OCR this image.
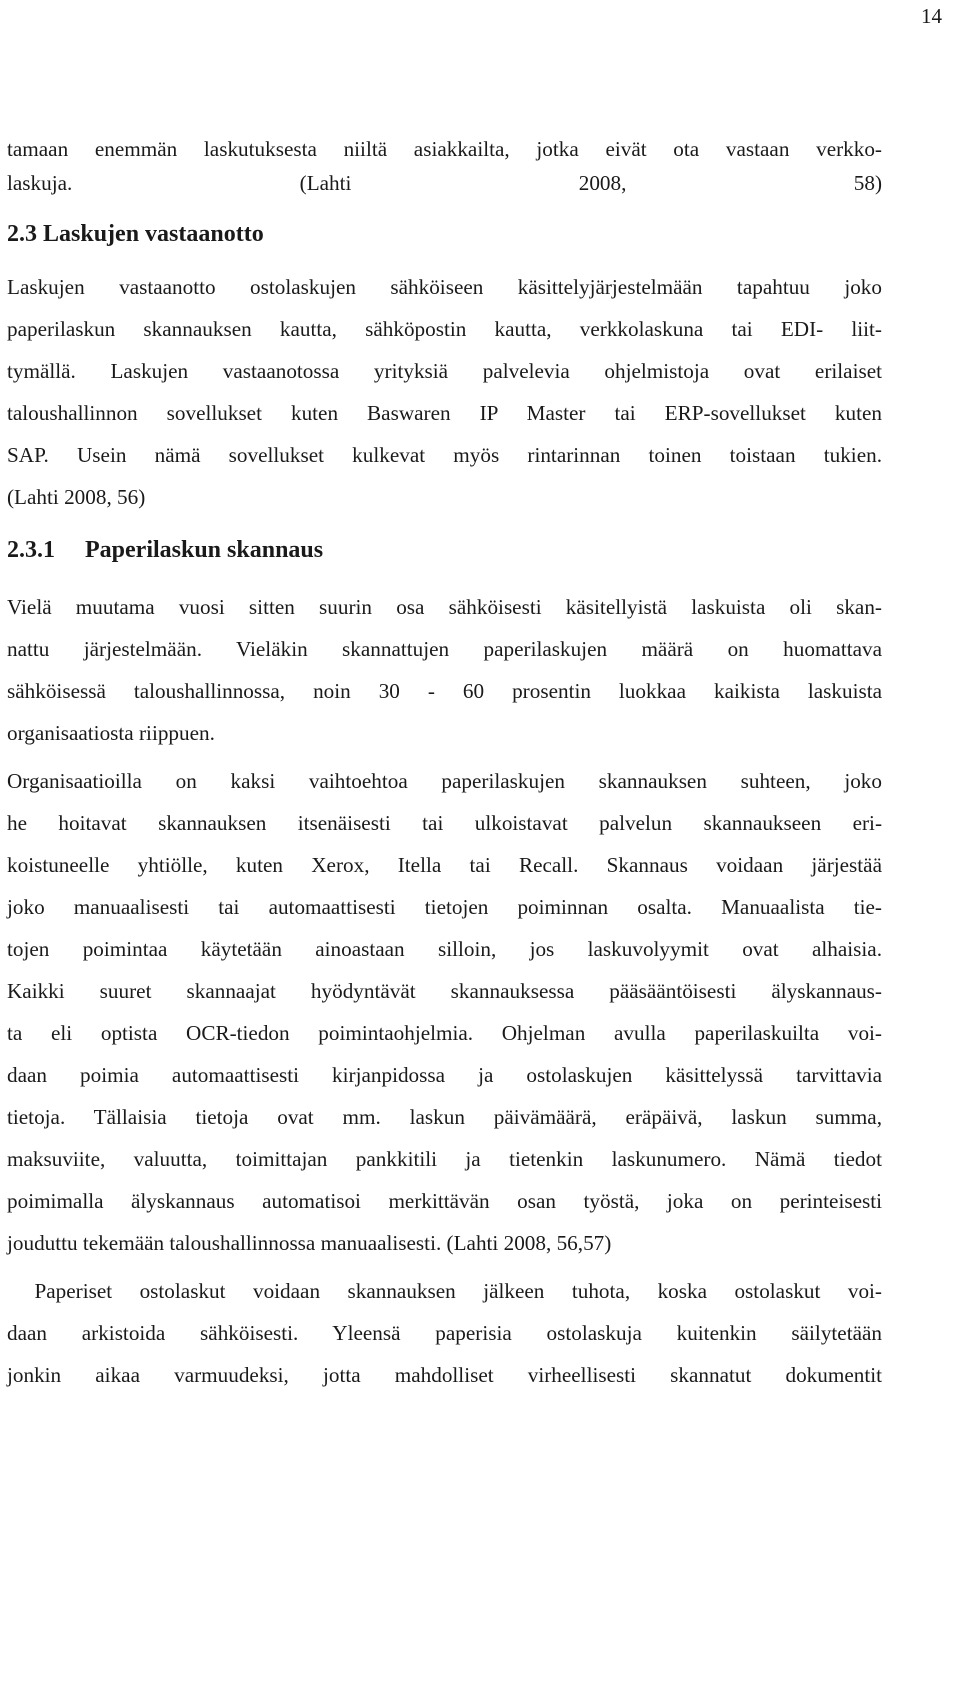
14
tamaan enemmän laskutuksesta niiltä asiakkailta, jotka eivät ota vastaan verkko-
laskuja. (Lahti 2008, 58)
2.3 Laskujen vastaanotto
Laskujen vastaanotto ostolaskujen sähköiseen käsittelyjärjestelmään tapahtuu joko
paperilaskun skannauksen kautta, sähköpostin kautta, verkkolaskuna tai EDI- liit-
tymällä. Laskujen vastaanotossa yrityksiä palvelevia ohjelmistoja ovat erilaiset
taloushallinnon sovellukset kuten Baswaren IP Master tai ERP-sovellukset kuten
SAP. Usein nämä sovellukset kulkevat myös rintarinnan toinen toistaan tukien.
(Lahti 2008, 56)
2.3.1 Paperilaskun skannaus
Vielä muutama vuosi sitten suurin osa sähköisesti käsitellyistä laskuista oli skan-
nattu järjestelmään. Vieläkin skannattujen paperilaskujen määrä on huomattava
sähköisessä taloushallinnossa, noin 30 - 60 prosentin luokkaa kaikista laskuista
organisaatiosta riippuen.
Organisaatioilla on kaksi vaihtoehtoa paperilaskujen skannauksen suhteen, joko
he hoitavat skannauksen itsenäisesti tai ulkoistavat palvelun skannaukseen eri-
koistuneelle yhtiölle, kuten Xerox, Itella tai Recall. Skannaus voidaan järjestää
joko manuaalisesti tai automaattisesti tietojen poiminnan osalta. Manuaalista tie-
tojen poimintaa käytetään ainoastaan silloin, jos laskuvolyymit ovat alhaisia.
Kaikki suuret skannaajat hyödyntävät skannauksessa pääsääntöisesti älyskannaus-
ta eli optista OCR-tiedon poimintaohjelmia. Ohjelman avulla paperilaskuilta voi-
daan poimia automaattisesti kirjanpidossa ja ostolaskujen käsittelyssä tarvittavia
tietoja. Tällaisia tietoja ovat mm. laskun päivämäärä, eräpäivä, laskun summa,
maksuviite, valuutta, toimittajan pankkitili ja tietenkin laskunumero. Nämä tiedot
poimimalla älyskannaus automatisoi merkittävän osan työstä, joka on perinteisesti
jouduttu tekemään taloushallinnossa manuaalisesti. (Lahti 2008, 56,57)
Paperiset ostolaskut voidaan skannauksen jälkeen tuhota, koska ostolaskut voi-
daan arkistoida sähköisesti. Yleensä paperisia ostolaskuja kuitenkin säilytetään
jonkin aikaa varmuudeksi, jotta mahdolliset virheellisesti skannatut dokumentit
